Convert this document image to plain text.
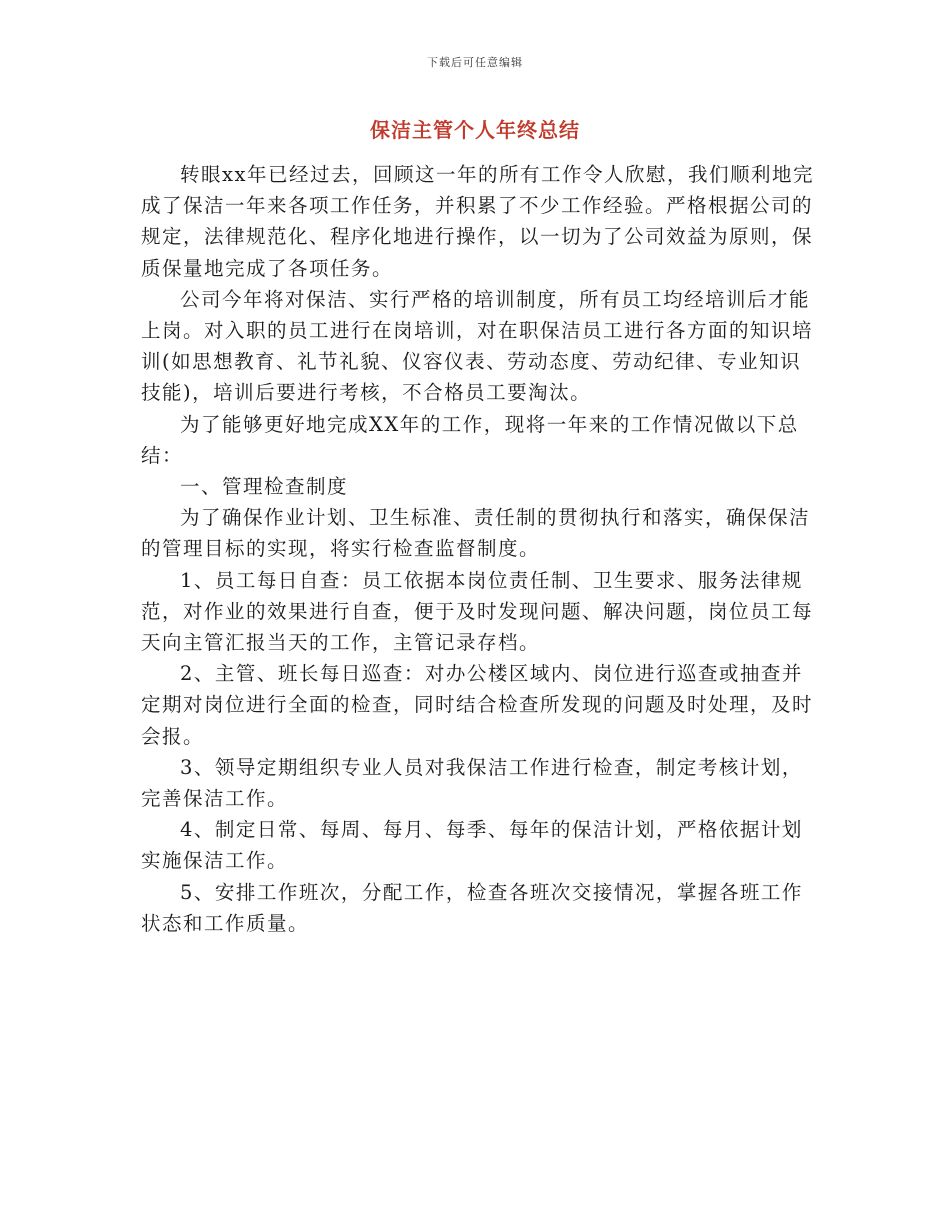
下载后可任意编辑
保洁主管个人年终总结

转眼xx年已经过去，回顾这一年的所有工作令人欣慰，我们顺利地完成了保洁一年来各项工作任务，并积累了不少工作经验。严格根据公司的规定，法律规范化、程序化地进行操作，以一切为了公司效益为原则，保质保量地完成了各项任务。

公司今年将对保洁、实行严格的培训制度，所有员工均经培训后才能上岗。对入职的员工进行在岗培训，对在职保洁员工进行各方面的知识培训(如思想教育、礼节礼貌、仪容仪表、劳动态度、劳动纪律、专业知识技能)，培训后要进行考核，不合格员工要淘汰。

为了能够更好地完成XX年的工作，现将一年来的工作情况做以下总结：

一、管理检查制度

为了确保作业计划、卫生标准、责任制的贯彻执行和落实，确保保洁的管理目标的实现，将实行检查监督制度。

1、员工每日自查：员工依据本岗位责任制、卫生要求、服务法律规范，对作业的效果进行自查，便于及时发现问题、解决问题，岗位员工每天向主管汇报当天的工作，主管记录存档。

2、主管、班长每日巡查：对办公楼区域内、岗位进行巡查或抽查并定期对岗位进行全面的检查，同时结合检查所发现的问题及时处理，及时会报。

3、领导定期组织专业人员对我保洁工作进行检查，制定考核计划，完善保洁工作。

4、制定日常、每周、每月、每季、每年的保洁计划，严格依据计划实施保洁工作。

5、安排工作班次，分配工作，检查各班次交接情况，掌握各班工作状态和工作质量。
